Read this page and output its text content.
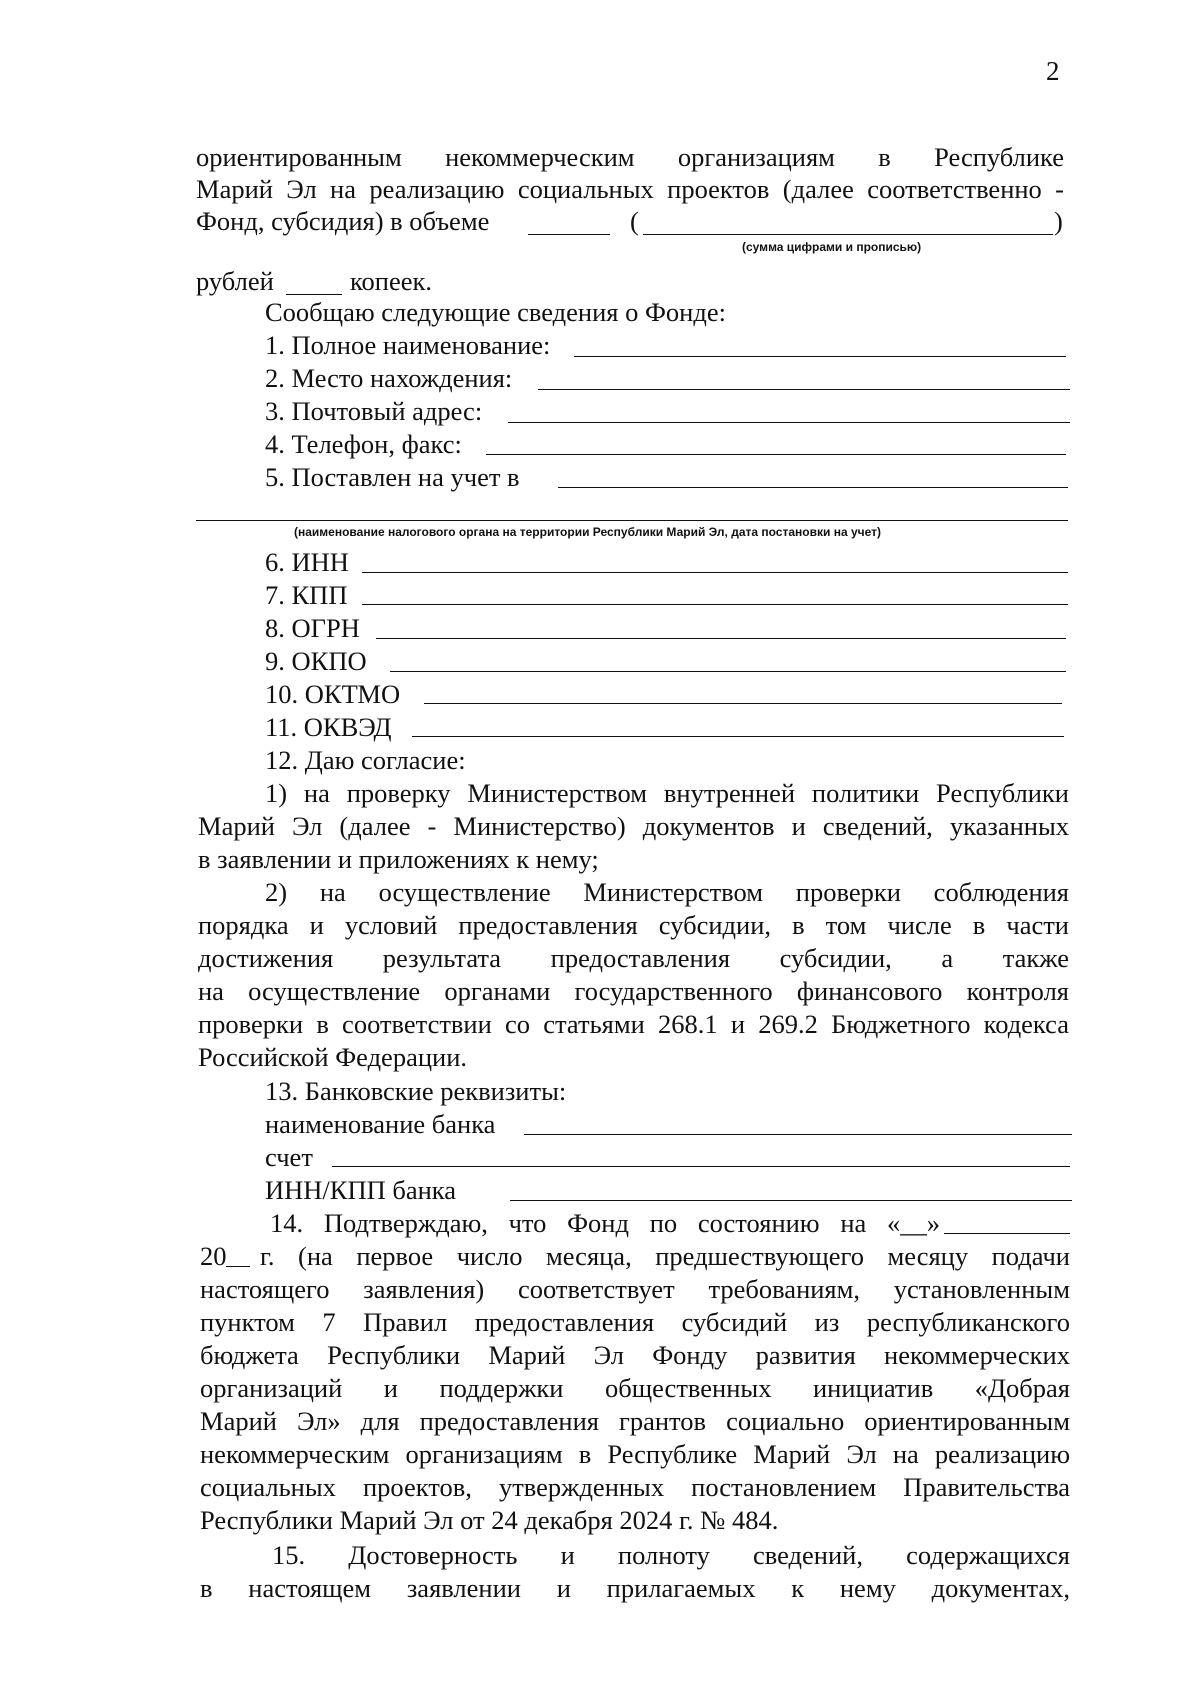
2
ориентированным некоммерческим организациям в Республике
Марий Эл на реализацию социальных проектов (далее соответственно -
Фонд, субсидия) в объеме	(	)
(сумма цифрами и прописью)
рублей	копеек.
Сообщаю следующие сведения о Фонде:
1. Полное наименование:
2. Место нахождения:
3. Почтовый адрес:
4. Телефон, факс:
5. Поставлен на учет в
(наименование налогового органа на территории Республики Марий Эл, дата постановки на учет)
6. ИНН
7. КПП
8. ОГРН
9. ОКПО
10. ОКТМО
11. ОКВЭД
12. Даю согласие:
1) на проверку Министерством внутренней политики Республики
Марий Эл (далее - Министерство) документов и сведений, указанных
в заявлении и приложениях к нему;
2) на осуществление Министерством проверки соблюдения
порядка и условий предоставления субсидии, в том числе в части
достижения результата предоставления субсидии, а также
на осуществление органами государственного финансового контроля
проверки в соответствии со статьями 268.1 и 269.2 Бюджетного кодекса
Российской Федерации.
13. Банковские реквизиты:
наименование банка
счет
ИНН/КПП банка
14. Подтверждаю, что Фонд по состоянию на «__»
20 г. (на первое число месяца, предшествующего месяцу подачи
настоящего заявления) соответствует требованиям, установленным
пунктом 7 Правил предоставления субсидий из республиканского
бюджета Республики Марий Эл Фонду развития некоммерческих
организаций и поддержки общественных инициатив «Добрая
Марий Эл» для предоставления грантов социально ориентированным
некоммерческим организациям в Республике Марий Эл на реализацию
социальных проектов, утвержденных постановлением Правительства
Республики Марий Эл от 24 декабря 2024 г. № 484.
15. Достоверность и полноту сведений, содержащихся
в настоящем заявлении и прилагаемых к нему документах,
